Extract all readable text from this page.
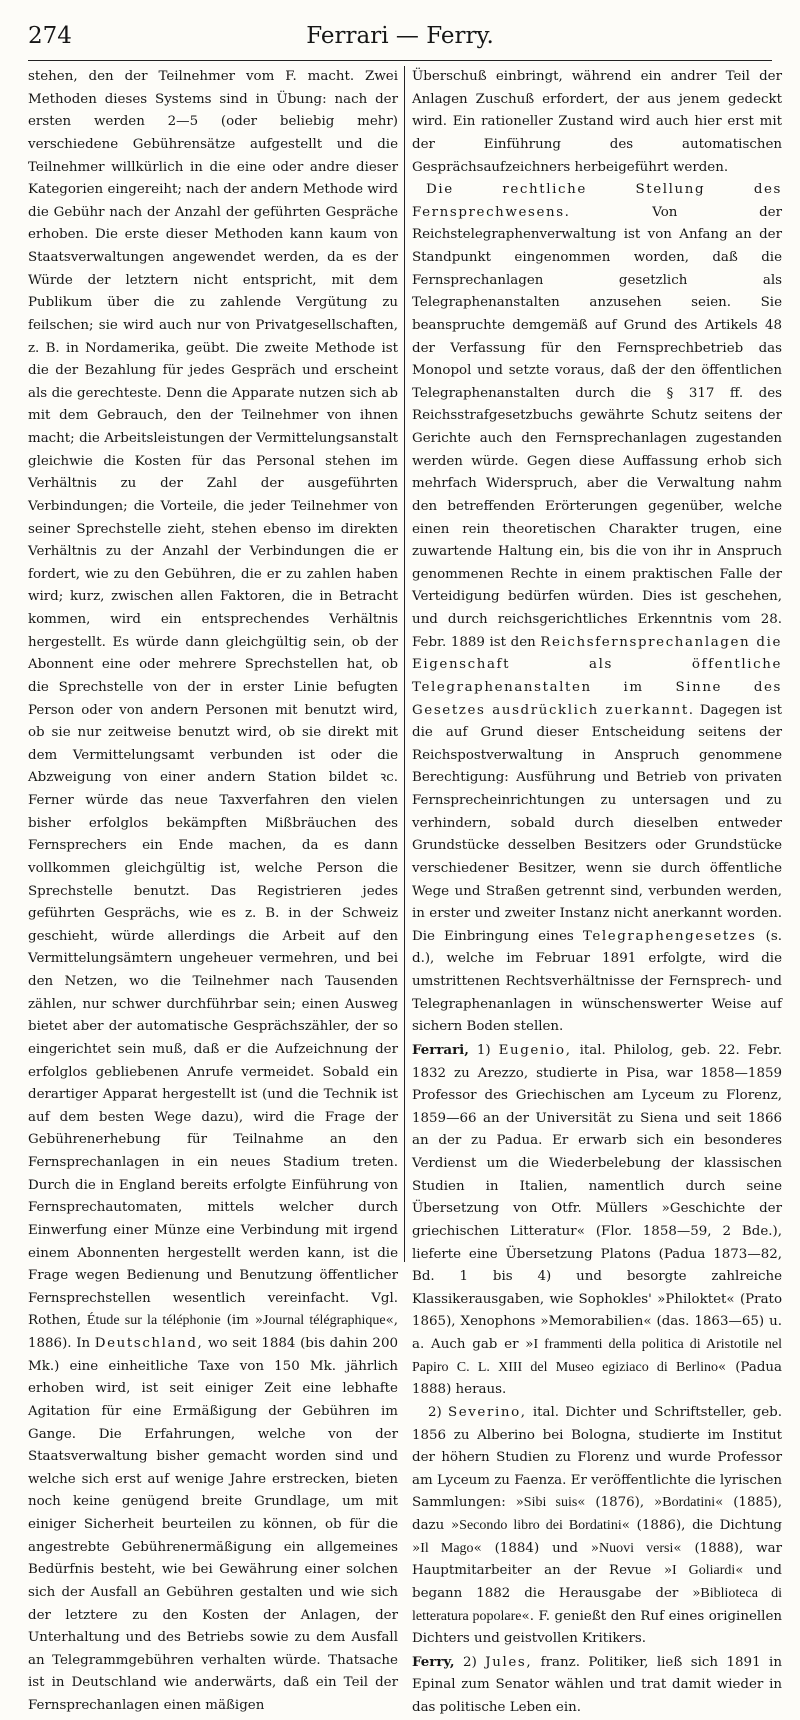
274	Ferrari — Ferry.

stehen, den der Teilnehmer vom F. macht. Zwei Methoden dieses Systems sind in Übung: nach der ersten werden 2—5 (oder beliebig mehr) verschiedene Gebührensätze aufgestellt und die Teilnehmer willkürlich in die eine oder andre dieser Kategorien eingereiht; nach der andern Methode wird die Gebühr nach der Anzahl der geführten Gespräche erhoben. Die erste dieser Methoden kann kaum von Staatsverwaltungen angewendet werden, da es der Würde der letztern nicht entspricht, mit dem Publikum über die zu zahlende Vergütung zu feilschen; sie wird auch nur von Privatgesellschaften, z. B. in Nordamerika, geübt. Die zweite Methode ist die der Bezahlung für jedes Gespräch und erscheint als die gerechteste. Denn die Apparate nutzen sich ab mit dem Gebrauch, den der Teilnehmer von ihnen macht; die Arbeitsleistungen der Vermittelungsanstalt gleichwie die Kosten für das Personal stehen im Verhältnis zu der Zahl der ausgeführten Verbindungen; die Vorteile, die jeder Teilnehmer von seiner Sprechstelle zieht, stehen ebenso im direkten Verhältnis zu der Anzahl der Verbindungen die er fordert, wie zu den Gebühren, die er zu zahlen haben wird; kurz, zwischen allen Faktoren, die in Betracht kommen, wird ein entsprechendes Verhältnis hergestellt. Es würde dann gleichgültig sein, ob der Abonnent eine oder mehrere Sprechstellen hat, ob die Sprechstelle von der in erster Linie befugten Person oder von andern Personen mit benutzt wird, ob sie nur zeitweise benutzt wird, ob sie direkt mit dem Vermittelungsamt verbunden ist oder die Abzweigung von einer andern Station bildet ꝛc. Ferner würde das neue Taxverfahren den vielen bisher erfolglos bekämpften Mißbräuchen des Fernsprechers ein Ende machen, da es dann vollkommen gleichgültig ist, welche Person die Sprechstelle benutzt. Das Registrieren jedes geführten Gesprächs, wie es z. B. in der Schweiz geschieht, würde allerdings die Arbeit auf den Vermittelungsämtern ungeheuer vermehren, und bei den Netzen, wo die Teilnehmer nach Tausenden zählen, nur schwer durchführbar sein; einen Ausweg bietet aber der automatische Gesprächszähler, der so eingerichtet sein muß, daß er die Aufzeichnung der erfolglos gebliebenen Anrufe vermeidet. Sobald ein derartiger Apparat hergestellt ist (und die Technik ist auf dem besten Wege dazu), wird die Frage der Gebührenerhebung für Teilnahme an den Fernsprechanlagen in ein neues Stadium treten. Durch die in England bereits erfolgte Einführung von Fernsprechautomaten, mittels welcher durch Einwerfung einer Münze eine Verbindung mit irgend einem Abonnenten hergestellt werden kann, ist die Frage wegen Bedienung und Benutzung öffentlicher Fernsprechstellen wesentlich vereinfacht. Vgl. Rothen, Étude sur la téléphonie (im »Journal télégraphique«, 1886). In Deutschland, wo seit 1884 (bis dahin 200 Mk.) eine einheitliche Taxe von 150 Mk. jährlich erhoben wird, ist seit einiger Zeit eine lebhafte Agitation für eine Ermäßigung der Gebühren im Gange. Die Erfahrungen, welche von der Staatsverwaltung bisher gemacht worden sind und welche sich erst auf wenige Jahre erstrecken, bieten noch keine genügend breite Grundlage, um mit einiger Sicherheit beurteilen zu können, ob für die angestrebte Gebührenermäßigung ein allgemeines Bedürfnis besteht, wie bei Gewährung einer solchen sich der Ausfall an Gebühren gestalten und wie sich der letztere zu den Kosten der Anlagen, der Unterhaltung und des Betriebs sowie zu dem Ausfall an Telegrammgebühren verhalten würde. Thatsache ist in Deutschland wie anderwärts, daß ein Teil der Fernsprechanlagen einen mäßigen

Überschuß einbringt, während ein andrer Teil der Anlagen Zuschuß erfordert, der aus jenem gedeckt wird. Ein rationeller Zustand wird auch hier erst mit der Einführung des automatischen Gesprächsaufzeichners herbeigeführt werden.

Die rechtliche Stellung des Fernsprechwesens.	Von der Reichstelegraphenverwaltung ist von Anfang an der Standpunkt eingenommen worden, daß die Fernsprechanlagen gesetzlich als Telegraphenanstalten anzusehen seien. Sie beanspruchte demgemäß auf Grund des Artikels 48 der Verfassung für den Fernsprechbetrieb das Monopol und setzte voraus, daß der den öffentlichen Telegraphenanstalten durch die § 317 ff. des Reichsstrafgesetzbuchs gewährte Schutz seitens der Gerichte auch den Fernsprechanlagen zugestanden werden würde. Gegen diese Auffassung erhob sich mehrfach Widerspruch, aber die Verwaltung nahm den betreffenden Erörterungen gegenüber, welche einen rein theoretischen Charakter trugen, eine zuwartende Haltung ein, bis die von ihr in Anspruch genommenen Rechte in einem praktischen Falle der Verteidigung bedürfen würden. Dies ist geschehen, und durch reichsgerichtliches Erkenntnis vom 28. Febr. 1889 ist den Reichsfernsprechanlagen die Eigenschaft als öffentliche Telegraphenanstalten im Sinne des Gesetzes ausdrücklich zuerkannt. Dagegen ist die auf Grund dieser Entscheidung seitens der Reichspostverwaltung in Anspruch genommene Berechtigung: Ausführung und Betrieb von privaten Fernsprecheinrichtungen zu untersagen und zu verhindern, sobald durch dieselben entweder Grundstücke desselben Besitzers oder Grundstücke verschiedener Besitzer, wenn sie durch öffentliche Wege und Straßen getrennt sind, verbunden werden, in erster und zweiter Instanz nicht anerkannt worden. Die Einbringung eines Telegraphengesetzes (s. d.), welche im Februar 1891 erfolgte, wird die umstrittenen Rechtsverhältnisse der Fernsprech- und Telegraphenanlagen in wünschenswerter Weise auf sichern Boden stellen.

Ferrari, 1) Eugenio, ital. Philolog, geb. 22. Febr. 1832 zu Arezzo, studierte in Pisa, war 1858—1859 Professor des Griechischen am Lyceum zu Florenz, 1859—66 an der Universität zu Siena und seit 1866 an der zu Padua. Er erwarb sich ein besonderes Verdienst um die Wiederbelebung der klassischen Studien in Italien, namentlich durch seine Übersetzung von Otfr. Müllers »Geschichte der griechischen Litteratur« (Flor. 1858—59, 2 Bde.), lieferte eine Übersetzung Platons (Padua 1873—82, Bd. 1 bis 4) und besorgte zahlreiche Klassikerausgaben, wie Sophokles' »Philoktet« (Prato 1865), Xenophons »Memorabilien« (das. 1863—65) u. a. Auch gab er »I frammenti della politica di Aristotile nel Papiro C. L. XIII del Museo egiziaco di Berlino« (Padua 1888) heraus.

2) Severino, ital. Dichter und Schriftsteller, geb. 1856 zu Alberino bei Bologna, studierte im Institut der höhern Studien zu Florenz und wurde Professor am Lyceum zu Faenza. Er veröffentlichte die lyrischen Sammlungen: »Sibi suis« (1876), »Bordatini« (1885), dazu »Secondo libro dei Bordatini« (1886), die Dichtung »Il Mago« (1884) und »Nuovi versi« (1888), war Hauptmitarbeiter an der Revue »I Goliardi« und begann 1882 die Herausgabe der »Biblioteca di letteratura popolare«. F. genießt den Ruf eines originellen Dichters und geistvollen Kritikers.

Ferry, 2) Jules, franz. Politiker, ließ sich 1891 in Epinal zum Senator wählen und trat damit wieder in das politische Leben ein.
